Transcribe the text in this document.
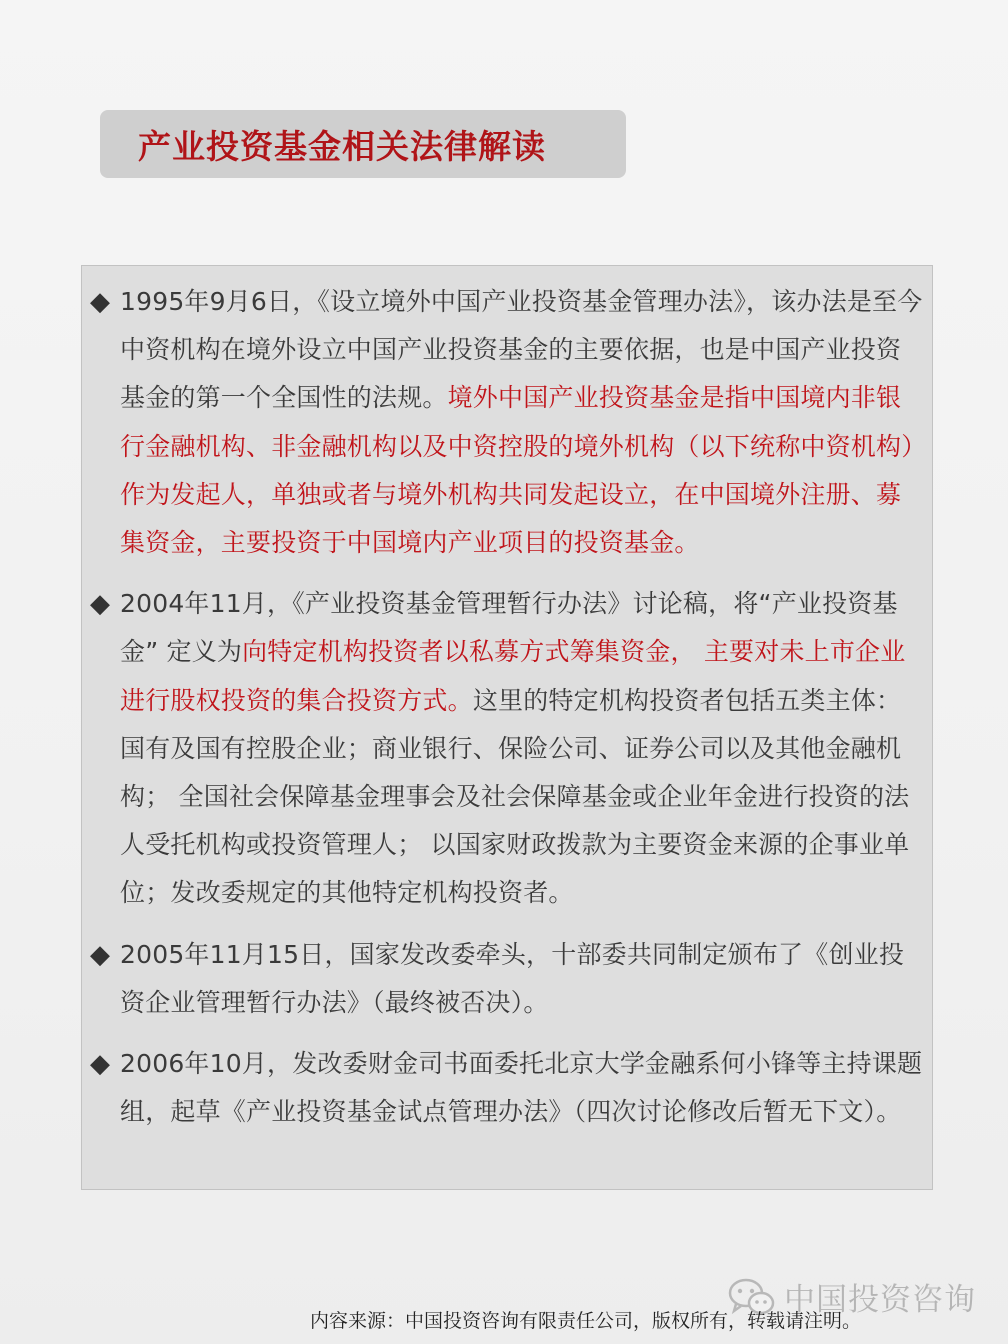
产业投资基金相关法律解读
◆ 1995年9月6日，《设立境外中国产业投资基金管理办法》，该办法是至今中资机构在境外设立中国产业投资基金的主要依据，也是中国产业投资基金的第一个全国性的法规。境外中国产业投资基金是指中国境内非银行金融机构、非金融机构以及中资控股的境外机构（以下统称中资机构）作为发起人，单独或者与境外机构共同发起设立，在中国境外注册、募集资金，主要投资于中国境内产业项目的投资基金。
◆ 2004年11月，《产业投资基金管理暂行办法》讨论稿，将“产业投资基金” 定义为向特定机构投资者以私募方式筹集资金， 主要对未上市企业进行股权投资的集合投资方式。这里的特定机构投资者包括五类主体：国有及国有控股企业；商业银行、保险公司、证券公司以及其他金融机构； 全国社会保障基金理事会及社会保障基金或企业年金进行投资的法人受托机构或投资管理人； 以国家财政拨款为主要资金来源的企事业单位；发改委规定的其他特定机构投资者。
◆ 2005年11月15日，国家发改委牵头，十部委共同制定颁布了《创业投资企业管理暂行办法》（最终被否决）。
◆ 2006年10月，发改委财金司书面委托北京大学金融系何小锋等主持课题组，起草《产业投资基金试点管理办法》（四次讨论修改后暂无下文）。
中国投资咨询
内容来源：中国投资咨询有限责任公司，版权所有，转载请注明。
